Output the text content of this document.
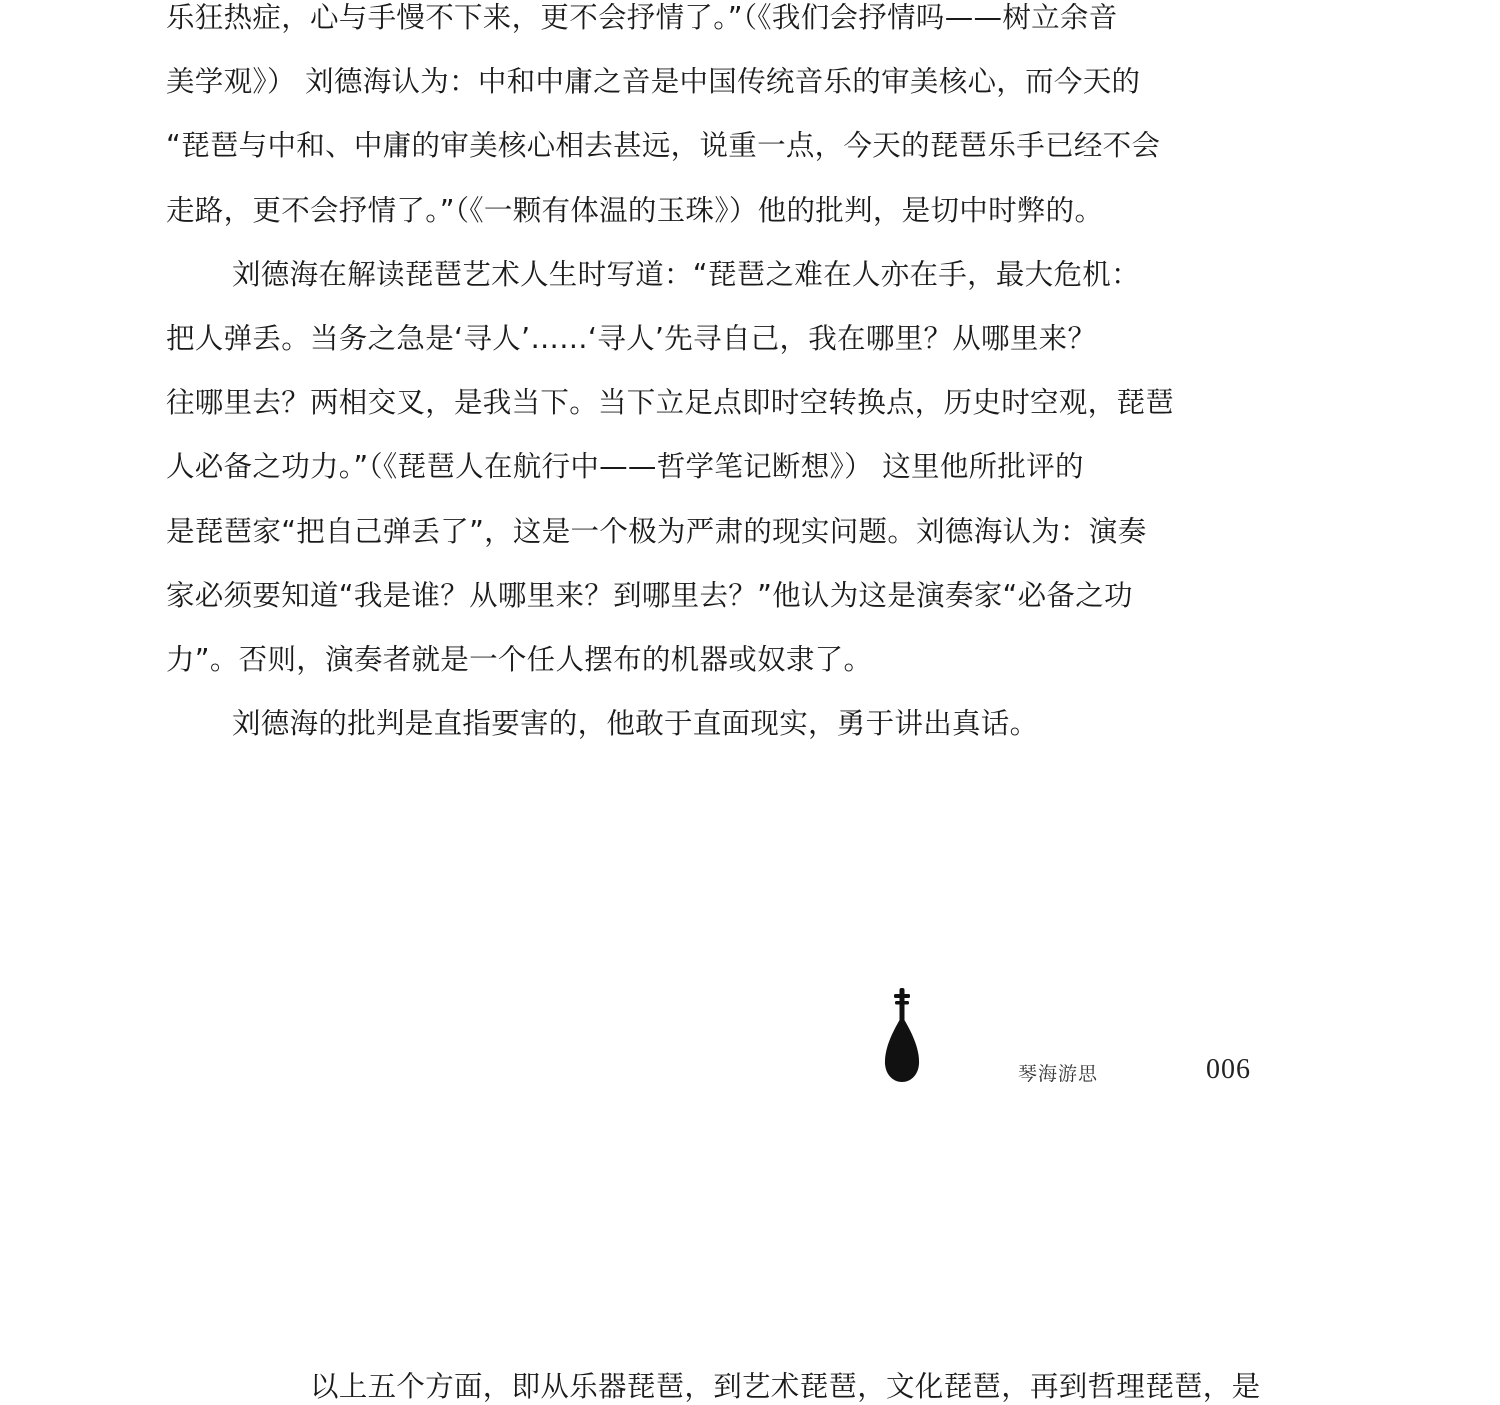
乐狂热症，心与手慢不下来，更不会抒情了。”（《我们会抒情吗——树立余音
美学观》） 刘德海认为：中和中庸之音是中国传统音乐的审美核心，而今天的
“琵琶与中和、中庸的审美核心相去甚远，说重一点，今天的琵琶乐手已经不会
走路，更不会抒情了。”（《一颗有体温的玉珠》）他的批判，是切中时弊的。
刘德海在解读琵琶艺术人生时写道：“琵琶之难在人亦在手，最大危机：
把人弹丢。当务之急是‘寻人’……‘寻人’先寻自己，我在哪里？从哪里来？
往哪里去？两相交叉，是我当下。当下立足点即时空转换点，历史时空观，琵琶
人必备之功力。”（《琵琶人在航行中——哲学笔记断想》） 这里他所批评的
是琵琶家“把自己弹丢了”，这是一个极为严肃的现实问题。刘德海认为：演奏
家必须要知道“我是谁？从哪里来？到哪里去？”他认为这是演奏家“必备之功
力”。否则，演奏者就是一个任人摆布的机器或奴隶了。
刘德海的批判是直指要害的，他敢于直面现实，勇于讲出真话。
琴海游思	006
以上五个方面，即从乐器琵琶，到艺术琵琶，文化琵琶，再到哲理琵琶，是
